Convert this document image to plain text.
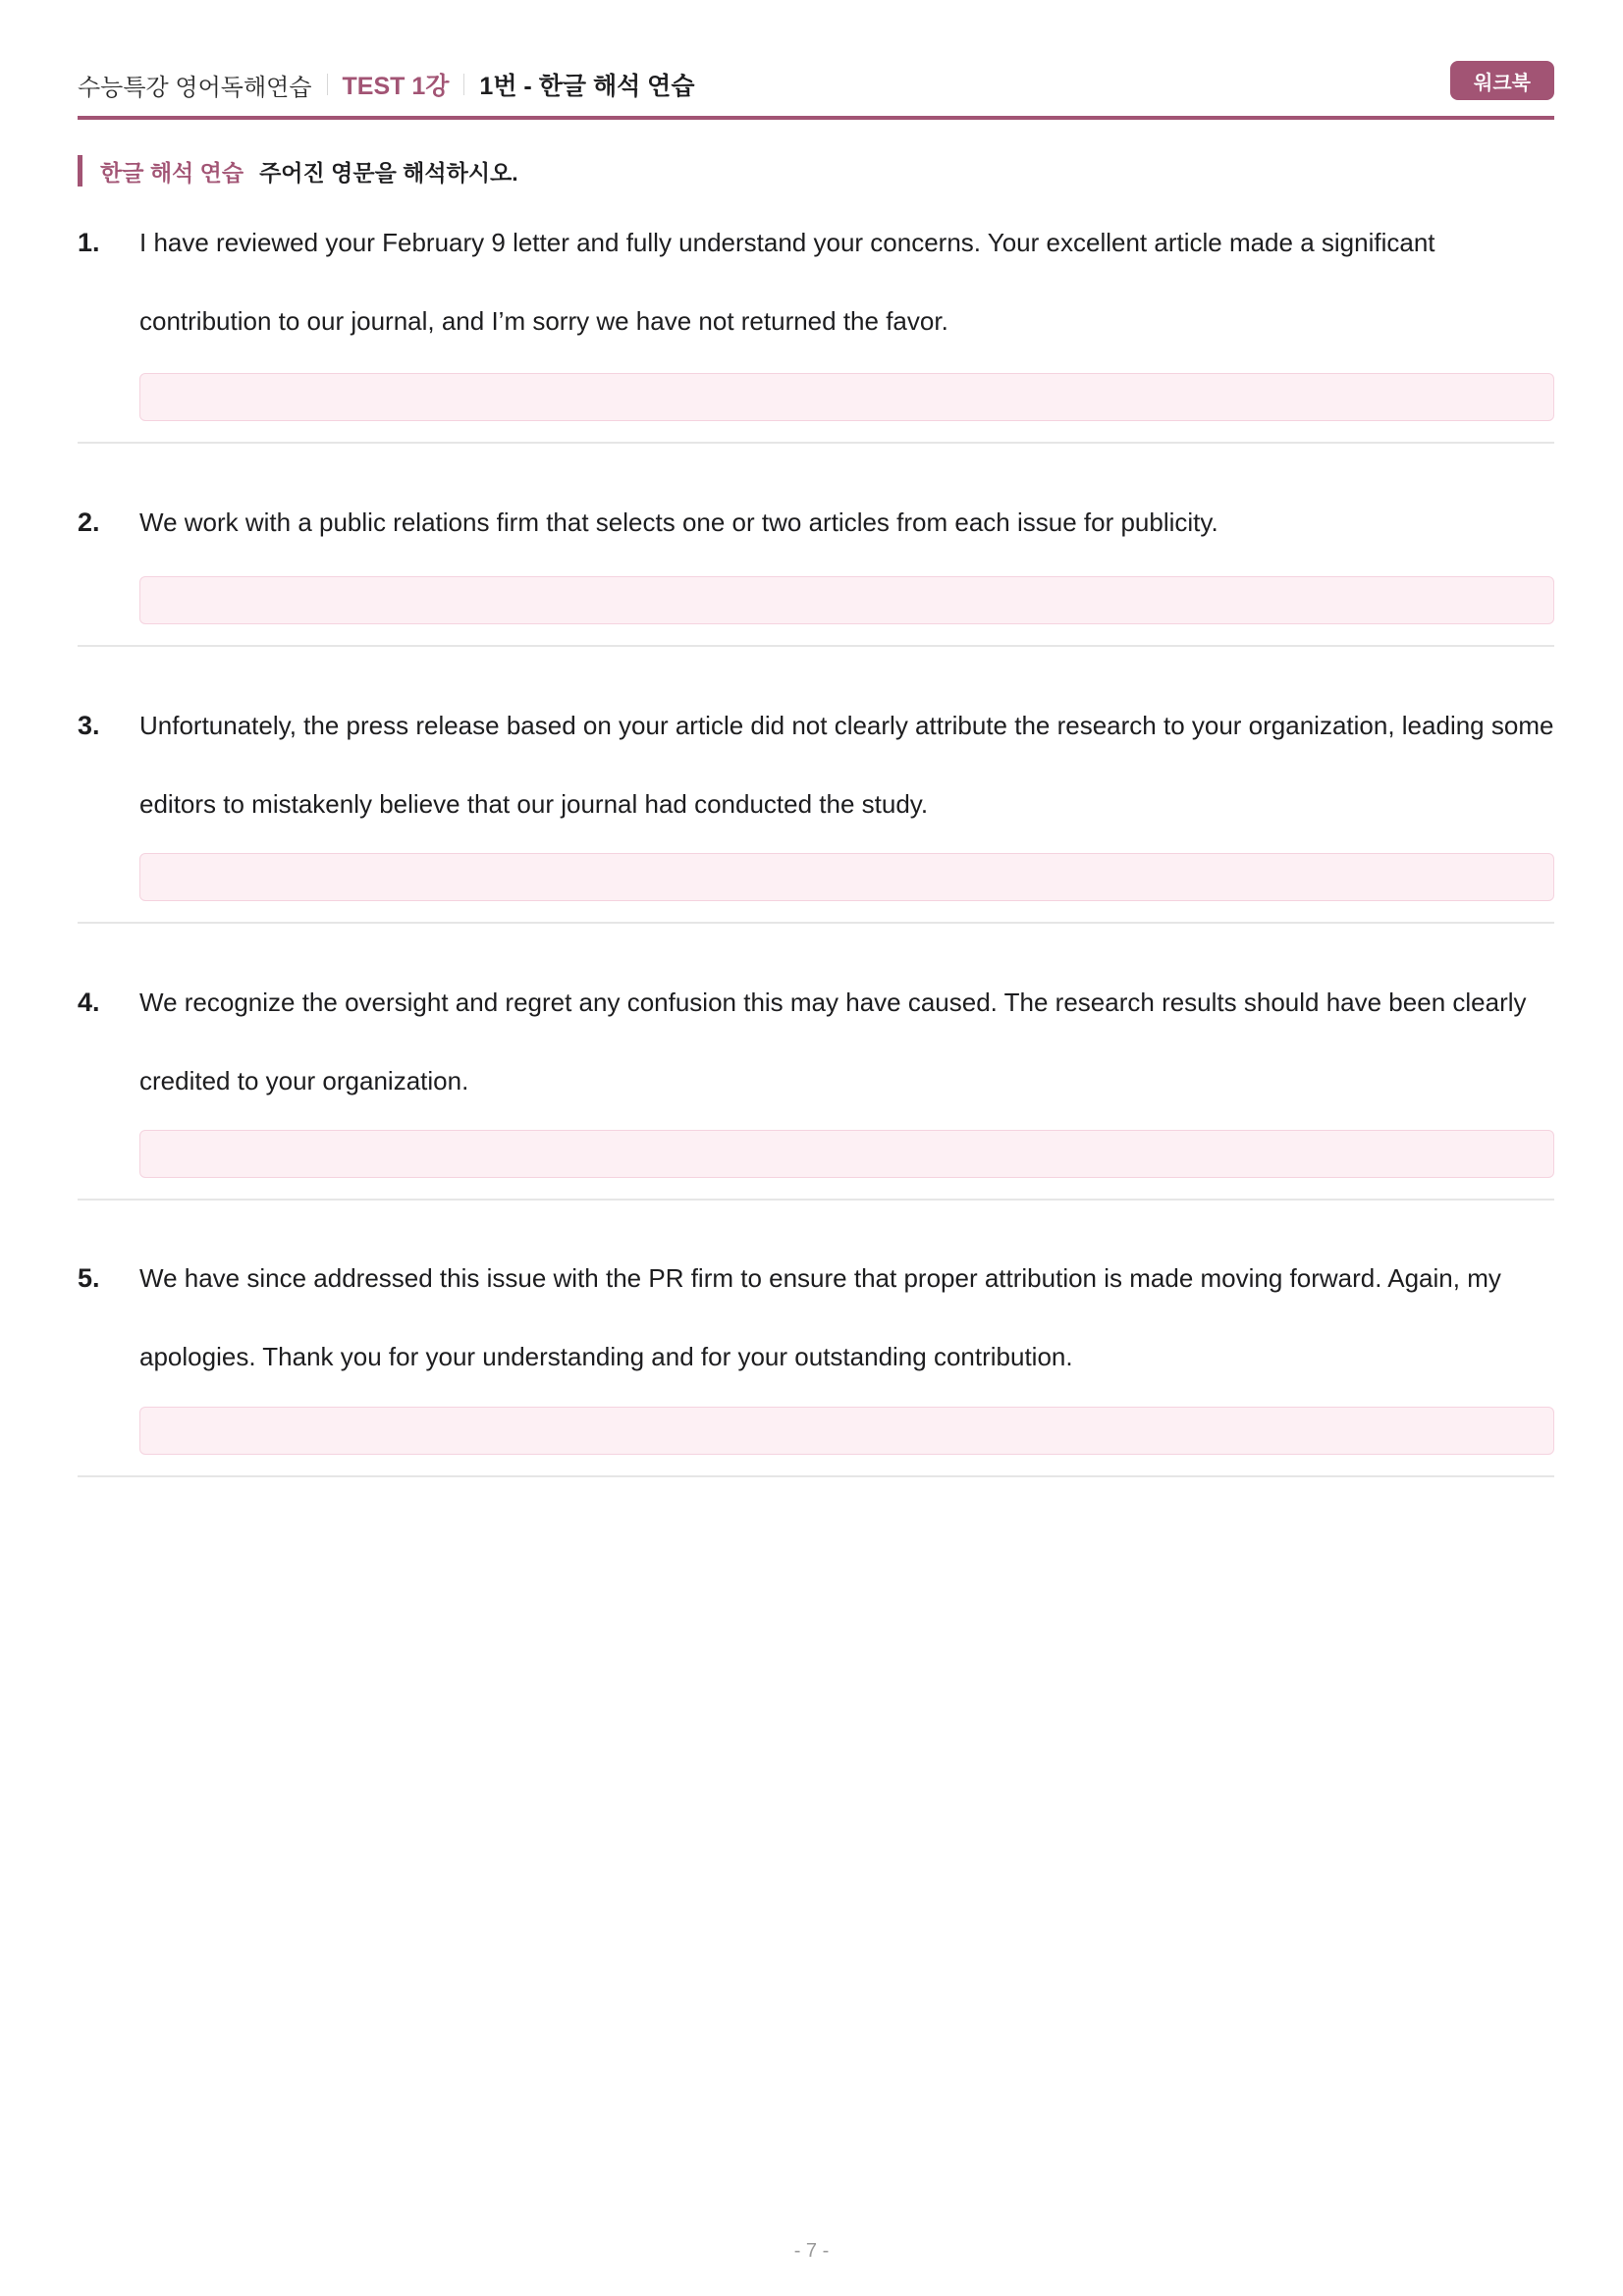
수능특강 영어독해연습 TEST 1강 1번 - 한글 해석 연습	워크북
한글 해석 연습 주어진 영문을 해석하시오.
1. I have reviewed your February 9 letter and fully understand your concerns. Your excellent article made a significant contribution to our journal, and I’m sorry we have not returned the favor.
2. We work with a public relations firm that selects one or two articles from each issue for publicity.
3. Unfortunately, the press release based on your article did not clearly attribute the research to your organization, leading some editors to mistakenly believe that our journal had conducted the study.
4. We recognize the oversight and regret any confusion this may have caused. The research results should have been clearly credited to your organization.
5. We have since addressed this issue with the PR firm to ensure that proper attribution is made moving forward. Again, my apologies. Thank you for your understanding and for your outstanding contribution.
- 7 -
